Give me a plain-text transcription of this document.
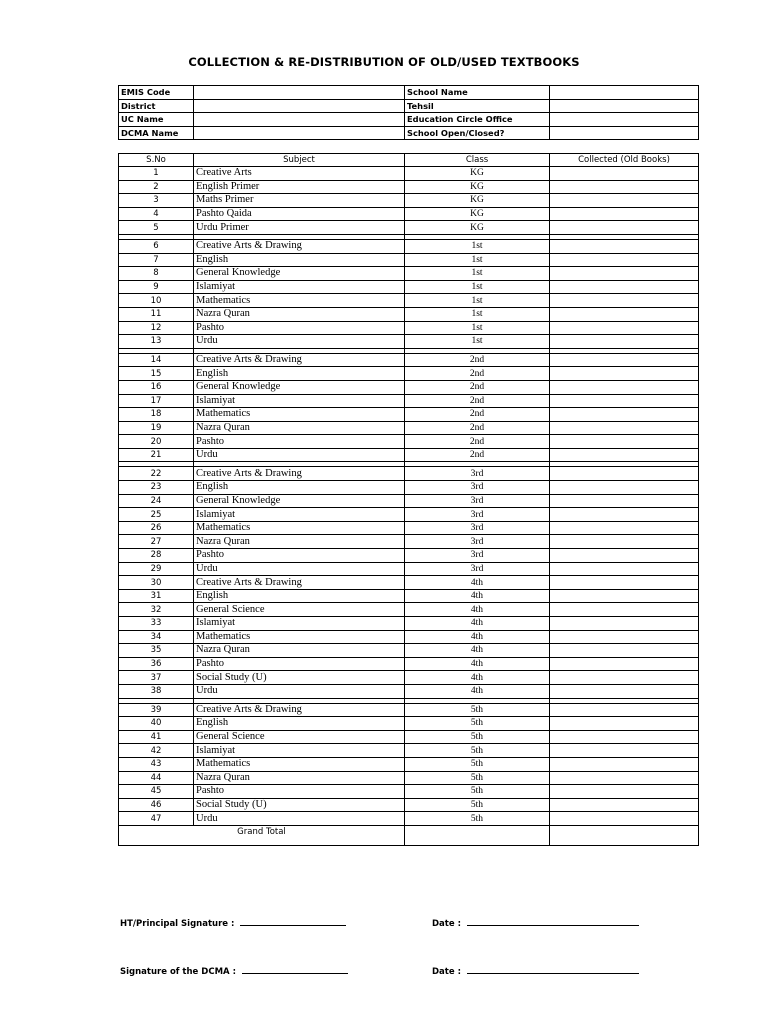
COLLECTION & RE-DISTRIBUTION OF OLD/USED TEXTBOOKS
EMIS Code		School Name	
District		Tehsil	
UC Name		Education Circle Office	
DCMA Name		School Open/Closed?	
S.No	Subject	Class	Collected (Old Books)
1	Creative Arts	KG	
2	English Primer	KG	
3	Maths Primer	KG	
4	Pashto Qaida	KG	
5	Urdu Primer	KG	

6	Creative Arts & Drawing	1st	
7	English	1st	
8	General Knowledge	1st	
9	Islamiyat	1st	
10	Mathematics	1st	
11	Nazra Quran	1st	
12	Pashto	1st	
13	Urdu	1st	

14	Creative Arts & Drawing	2nd	
15	English	2nd	
16	General Knowledge	2nd	
17	Islamiyat	2nd	
18	Mathematics	2nd	
19	Nazra Quran	2nd	
20	Pashto	2nd	
21	Urdu	2nd	

22	Creative Arts & Drawing	3rd	
23	English	3rd	
24	General Knowledge	3rd	
25	Islamiyat	3rd	
26	Mathematics	3rd	
27	Nazra Quran	3rd	
28	Pashto	3rd	
29	Urdu	3rd	
30	Creative Arts & Drawing	4th	
31	English	4th	
32	General Science	4th	
33	Islamiyat	4th	
34	Mathematics	4th	
35	Nazra Quran	4th	
36	Pashto	4th	
37	Social Study (U)	4th	
38	Urdu	4th	

39	Creative Arts & Drawing	5th	
40	English	5th	
41	General Science	5th	
42	Islamiyat	5th	
43	Mathematics	5th	
44	Nazra Quran	5th	
45	Pashto	5th	
46	Social Study (U)	5th	
47	Urdu	5th	
Grand Total			
HT/Principal Signature :	Date :
Signature of the DCMA :	Date :
